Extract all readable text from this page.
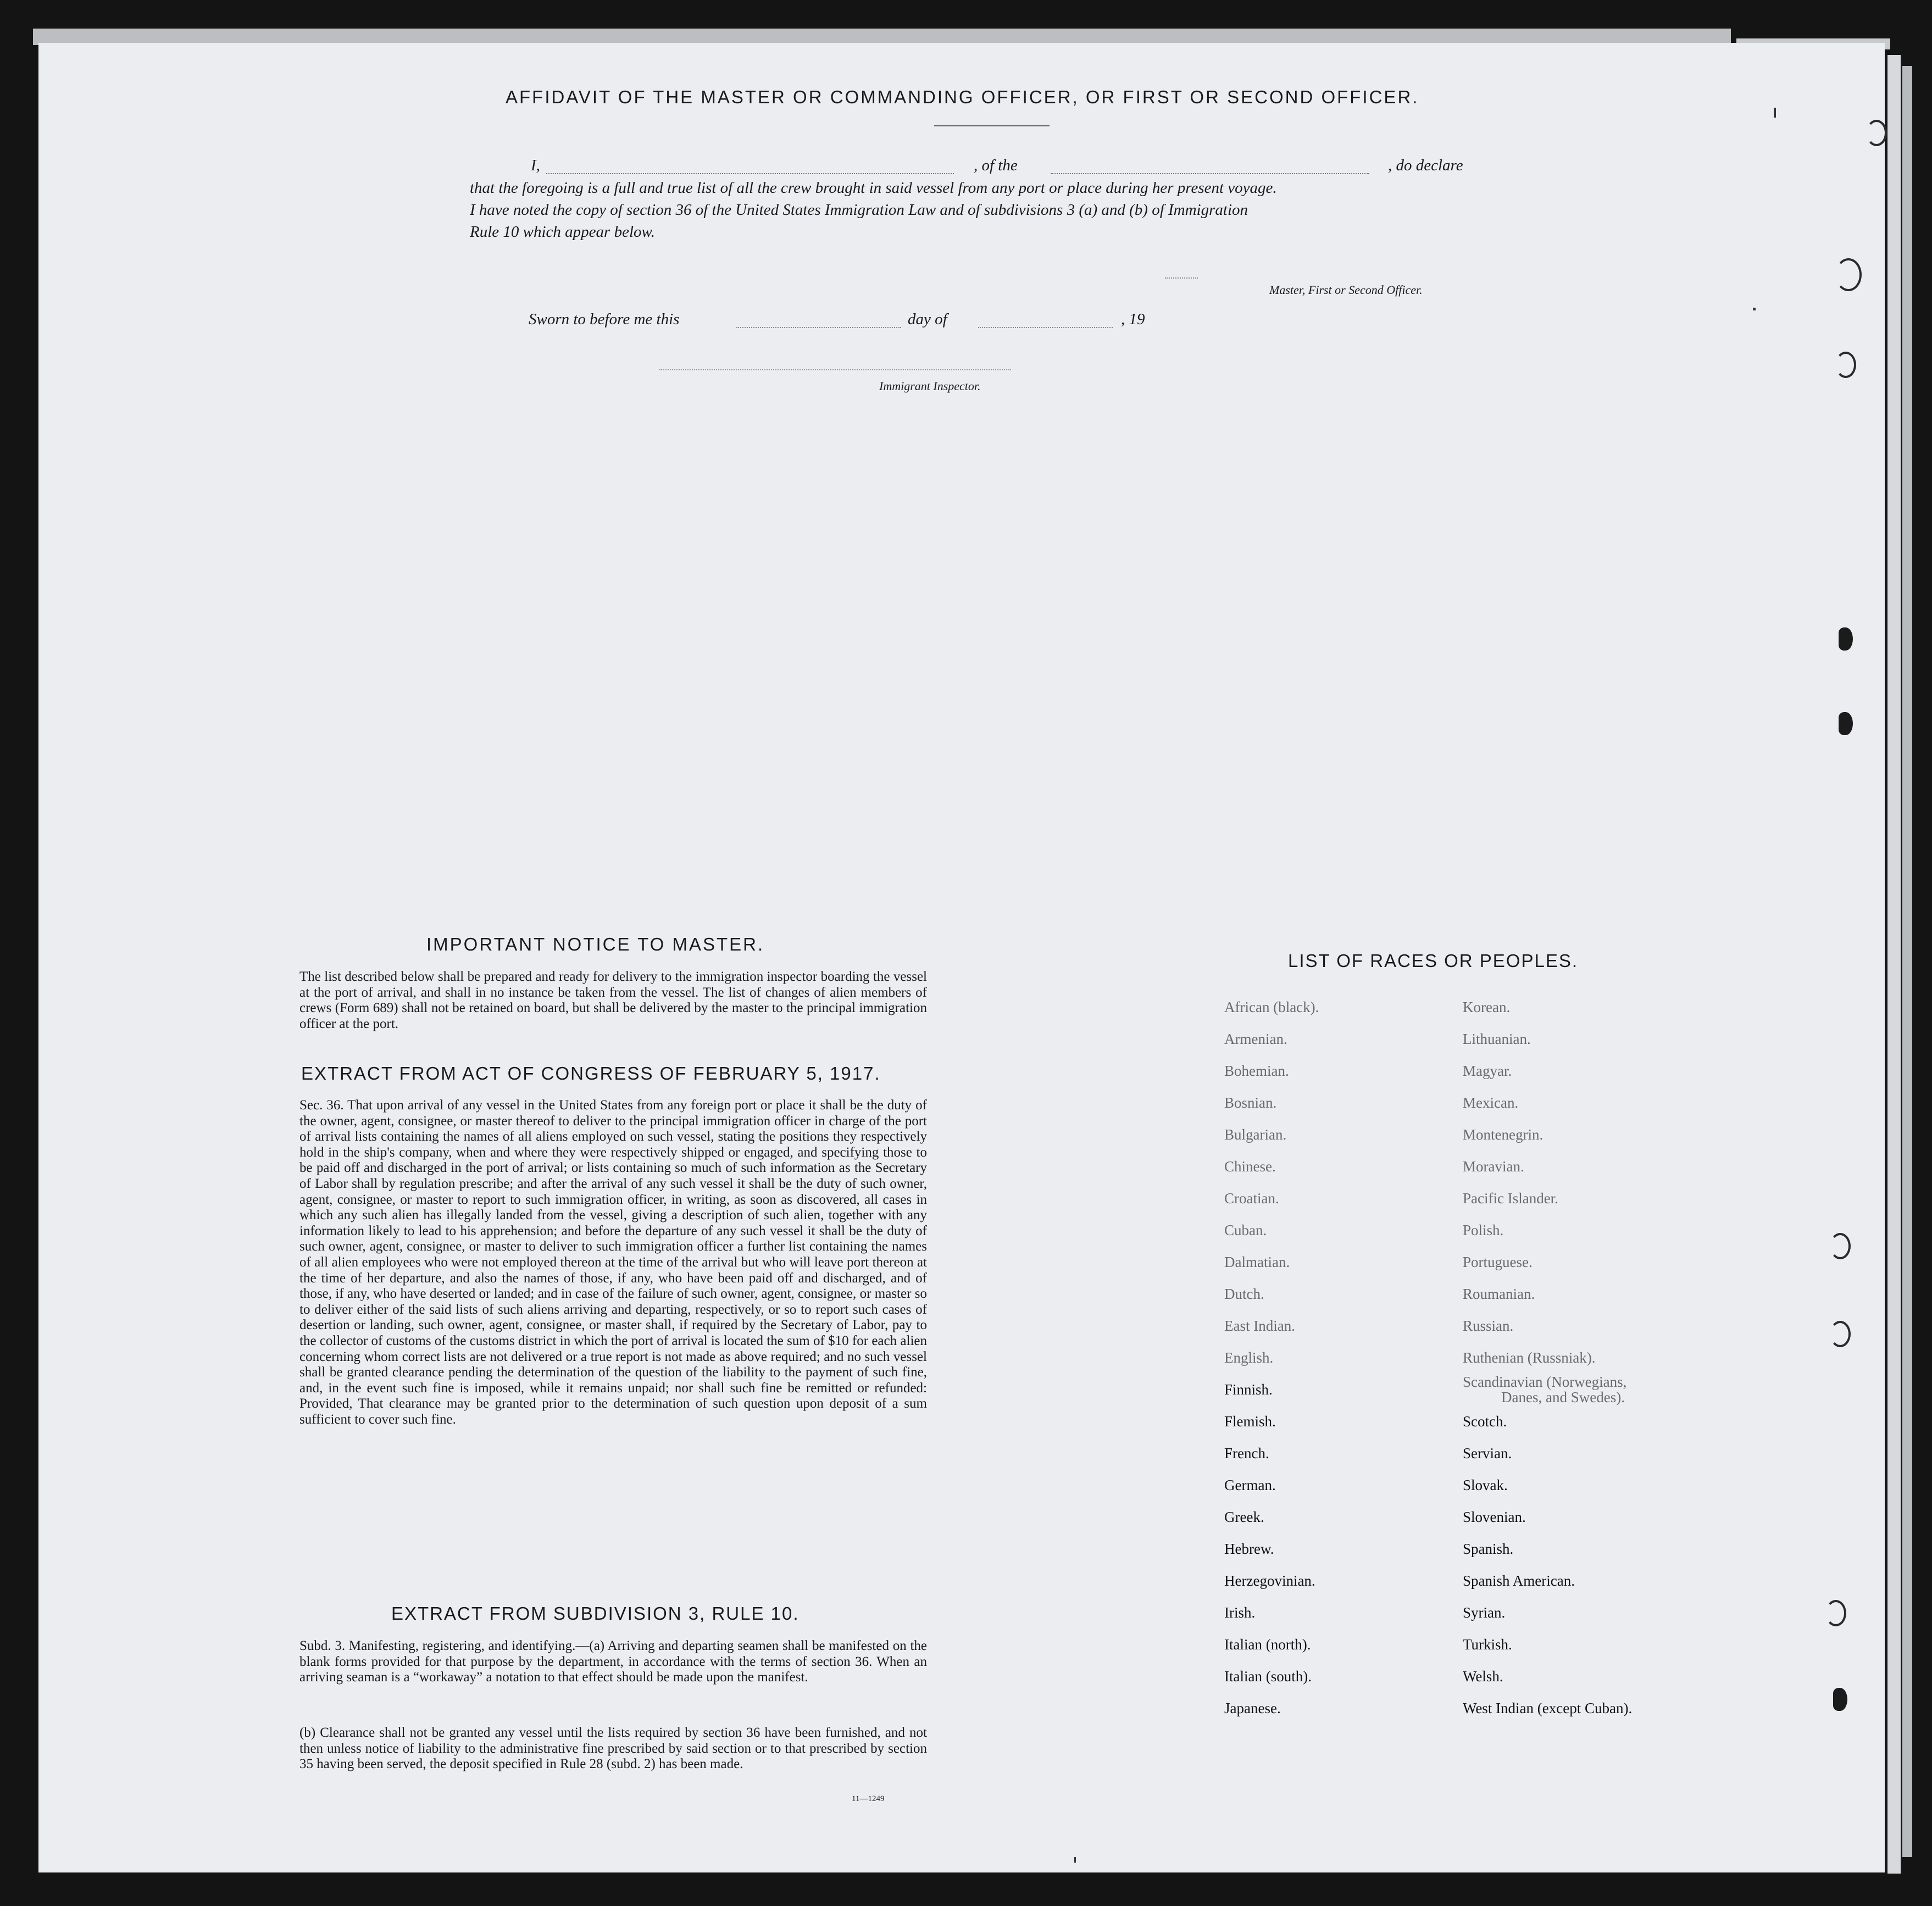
AFFIDAVIT OF THE MASTER OR COMMANDING OFFICER, OR FIRST OR SECOND OFFICER.
I,	, of the	, do declare
that the foregoing is a full and true list of all the crew brought in said vessel from any port or place during her present voyage.
I have noted the copy of section 36 of the United States Immigration Law and of subdivisions 3 (a) and (b) of Immigration
Rule 10 which appear below.
Master, First or Second Officer.
Sworn to before me this	day of	, 19
Immigrant Inspector.
IMPORTANT NOTICE TO MASTER.
The list described below shall be prepared and ready for delivery to the immigration inspector boarding the vessel at the port of arrival, and shall in no instance be taken from the vessel. The list of changes of alien members of crews (Form 689) shall not be retained on board, but shall be delivered by the master to the principal immigration officer at the port.
EXTRACT FROM ACT OF CONGRESS OF FEBRUARY 5, 1917.
Sec. 36. That upon arrival of any vessel in the United States from any foreign port or place it shall be the duty of the owner, agent, consignee, or master thereof to deliver to the principal immigration officer in charge of the port of arrival lists containing the names of all aliens employed on such vessel, stating the positions they respectively hold in the ship's company, when and where they were respectively shipped or engaged, and specifying those to be paid off and discharged in the port of arrival; or lists containing so much of such information as the Secretary of Labor shall by regulation prescribe; and after the arrival of any such vessel it shall be the duty of such owner, agent, consignee, or master to report to such immigration officer, in writing, as soon as discovered, all cases in which any such alien has illegally landed from the vessel, giving a description of such alien, together with any information likely to lead to his apprehension; and before the departure of any such vessel it shall be the duty of such owner, agent, consignee, or master to deliver to such immigration officer a further list containing the names of all alien employees who were not employed thereon at the time of the arrival but who will leave port thereon at the time of her departure, and also the names of those, if any, who have been paid off and discharged, and of those, if any, who have deserted or landed; and in case of the failure of such owner, agent, consignee, or master so to deliver either of the said lists of such aliens arriving and departing, respectively, or so to report such cases of desertion or landing, such owner, agent, consignee, or master shall, if required by the Secretary of Labor, pay to the collector of customs of the customs district in which the port of arrival is located the sum of $10 for each alien concerning whom correct lists are not delivered or a true report is not made as above required; and no such vessel shall be granted clearance pending the determination of the question of the liability to the payment of such fine, and, in the event such fine is imposed, while it remains unpaid; nor shall such fine be remitted or refunded: Provided, That clearance may be granted prior to the determination of such question upon deposit of a sum sufficient to cover such fine.
EXTRACT FROM SUBDIVISION 3, RULE 10.
Subd. 3. Manifesting, registering, and identifying.—(a) Arriving and departing seamen shall be manifested on the blank forms provided for that purpose by the department, in accordance with the terms of section 36. When an arriving seaman is a “workaway” a notation to that effect should be made upon the manifest.
(b) Clearance shall not be granted any vessel until the lists required by section 36 have been furnished, and not then unless notice of liability to the administrative fine prescribed by said section or to that prescribed by section 35 having been served, the deposit specified in Rule 28 (subd. 2) has been made.
11—1249
LIST OF RACES OR PEOPLES.
African (black).
Armenian.
Bohemian.
Bosnian.
Bulgarian.
Chinese.
Croatian.
Cuban.
Dalmatian.
Dutch.
East Indian.
English.
Finnish.
Flemish.
French.
German.
Greek.
Hebrew.
Herzegovinian.
Irish.
Italian (north).
Italian (south).
Japanese.
Korean.
Lithuanian.
Magyar.
Mexican.
Montenegrin.
Moravian.
Pacific Islander.
Polish.
Portuguese.
Roumanian.
Russian.
Ruthenian (Russniak).
Scandinavian (Norwegians,
Danes, and Swedes).
Scotch.
Servian.
Slovak.
Slovenian.
Spanish.
Spanish American.
Syrian.
Turkish.
Welsh.
West Indian (except Cuban).
